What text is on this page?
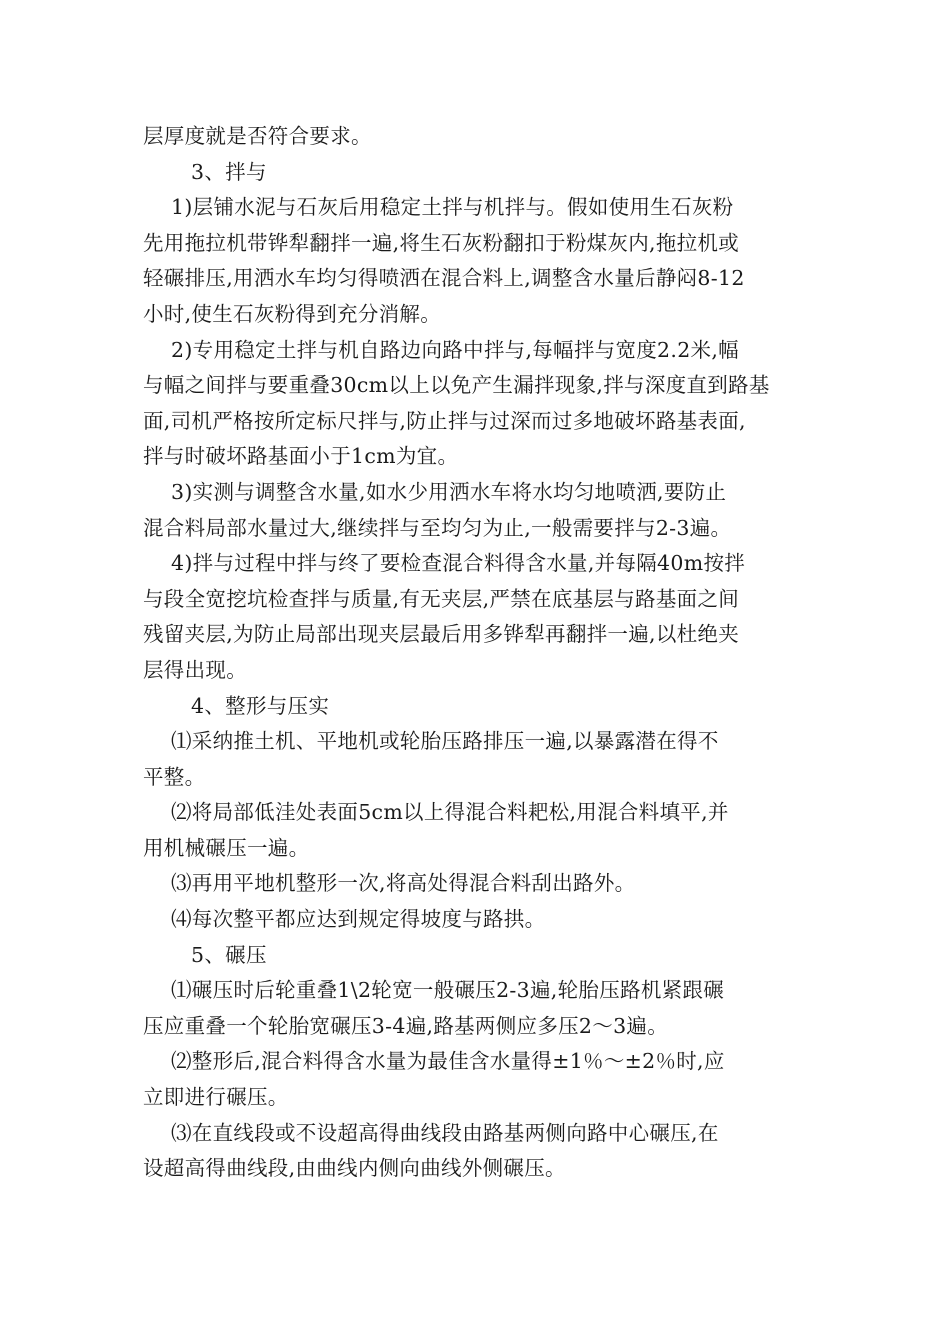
层厚度就是否符合要求。
3、拌与
1)层铺水泥与石灰后用稳定土拌与机拌与。假如使用生石灰粉
先用拖拉机带铧犁翻拌一遍,将生石灰粉翻扣于粉煤灰内,拖拉机或
轻碾排压,用洒水车均匀得喷洒在混合料上,调整含水量后静闷8-12
小时,使生石灰粉得到充分消解。
2)专用稳定土拌与机自路边向路中拌与,每幅拌与宽度2.2米,幅
与幅之间拌与要重叠30cm以上以免产生漏拌现象,拌与深度直到路基
面,司机严格按所定标尺拌与,防止拌与过深而过多地破坏路基表面,
拌与时破坏路基面小于1cm为宜。
3)实测与调整含水量,如水少用洒水车将水均匀地喷洒,要防止
混合料局部水量过大,继续拌与至均匀为止,一般需要拌与2-3遍。
4)拌与过程中拌与终了要检查混合料得含水量,并每隔40m按拌
与段全宽挖坑检查拌与质量,有无夹层,严禁在底基层与路基面之间
残留夹层,为防止局部出现夹层最后用多铧犁再翻拌一遍,以杜绝夹
层得出现。
4、整形与压实
⑴采纳推土机、平地机或轮胎压路排压一遍,以暴露潜在得不
平整。
⑵将局部低洼处表面5cm以上得混合料耙松,用混合料填平,并
用机械碾压一遍。
⑶再用平地机整形一次,将高处得混合料刮出路外。
⑷每次整平都应达到规定得坡度与路拱。
5、碾压
⑴碾压时后轮重叠1\2轮宽一般碾压2-3遍,轮胎压路机紧跟碾
压应重叠一个轮胎宽碾压3-4遍,路基两侧应多压2～3遍。
⑵整形后,混合料得含水量为最佳含水量得±1％～±2％时,应
立即进行碾压。
⑶在直线段或不设超高得曲线段由路基两侧向路中心碾压,在
设超高得曲线段,由曲线内侧向曲线外侧碾压。
